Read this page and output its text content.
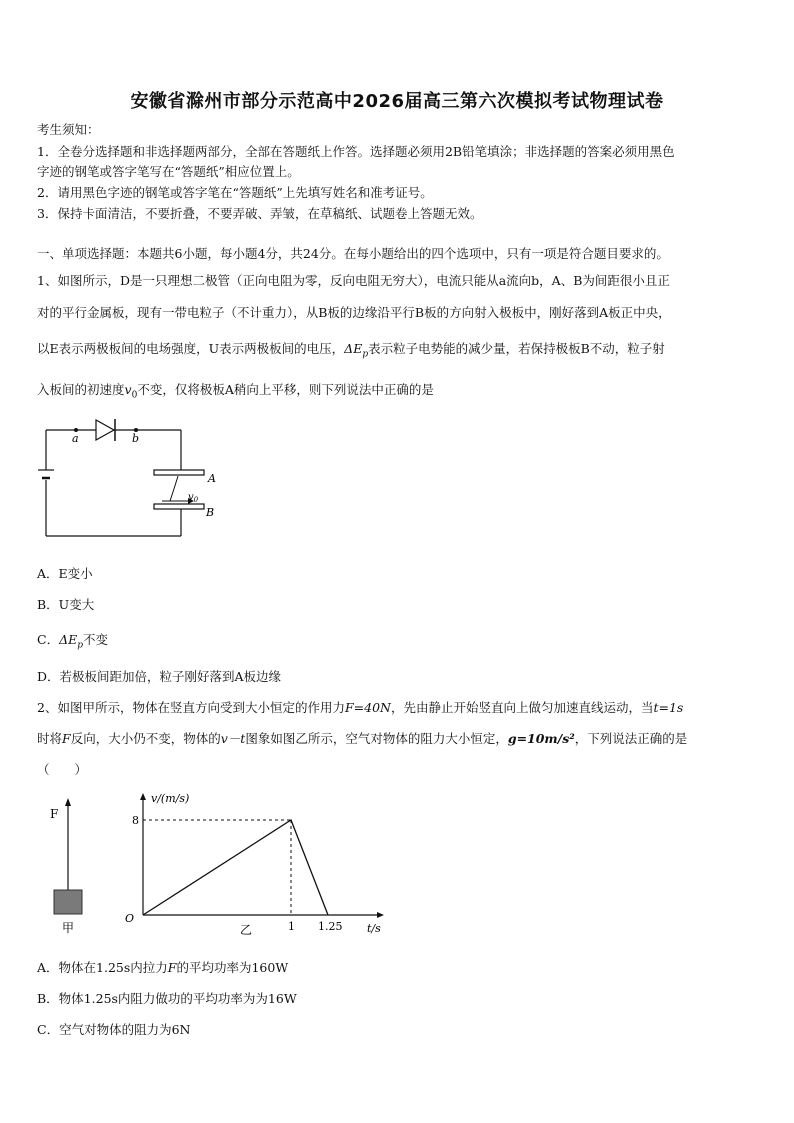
安徽省滁州市部分示范高中2026届高三第六次模拟考试物理试卷
考生须知：
1．全卷分选择题和非选择题两部分，全部在答题纸上作答。选择题必须用2B铅笔填涂；非选择题的答案必须用黑色
字迹的钢笔或答字笔写在“答题纸”相应位置上。
2．请用黑色字迹的钢笔或答字笔在“答题纸”上先填写姓名和准考证号。
3．保持卡面清洁，不要折叠，不要弄破、弄皱，在草稿纸、试题卷上答题无效。
一、单项选择题：本题共6小题，每小题4分，共24分。在每小题给出的四个选项中，只有一项是符合题目要求的。
1、如图所示，D是一只理想二极管（正向电阻为零，反向电阻无穷大），电流只能从a流向b，A、B为间距很小且正
对的平行金属板，现有一带电粒子（不计重力），从B板的边缘沿平行B板的方向射入极板中，刚好落到A板正中央，
以E表示两极板间的电场强度，U表示两极板间的电压，$\Delta E_p$表示粒子电势能的减少量，若保持极板B不动，粒子射
入板间的初速度$v_0$不变，仅将极板A稍向上平移，则下列说法中正确的是
a	b
A
B
$v_0$
A．E变小
B．U变大
C．$\Delta E_p$不变
D．若极板间距加倍，粒子刚好落到A板边缘
2、如图甲所示，物体在竖直方向受到大小恒定的作用力F=40N，先由静止开始竖直向上做匀加速直线运动，当t=1s
时将F反向，大小仍不变，物体的v－t图象如图乙所示，空气对物体的阻力大小恒定，g=10m/s²，下列说法正确的是
（　　）
F
甲
v/(m/s)
t/s
O
8
1 1.25
乙
A．物体在1.25s内拉力F的平均功率为160W
B．物体1.25s内阻力做功的平均功率为为16W
C．空气对物体的阻力为6N
